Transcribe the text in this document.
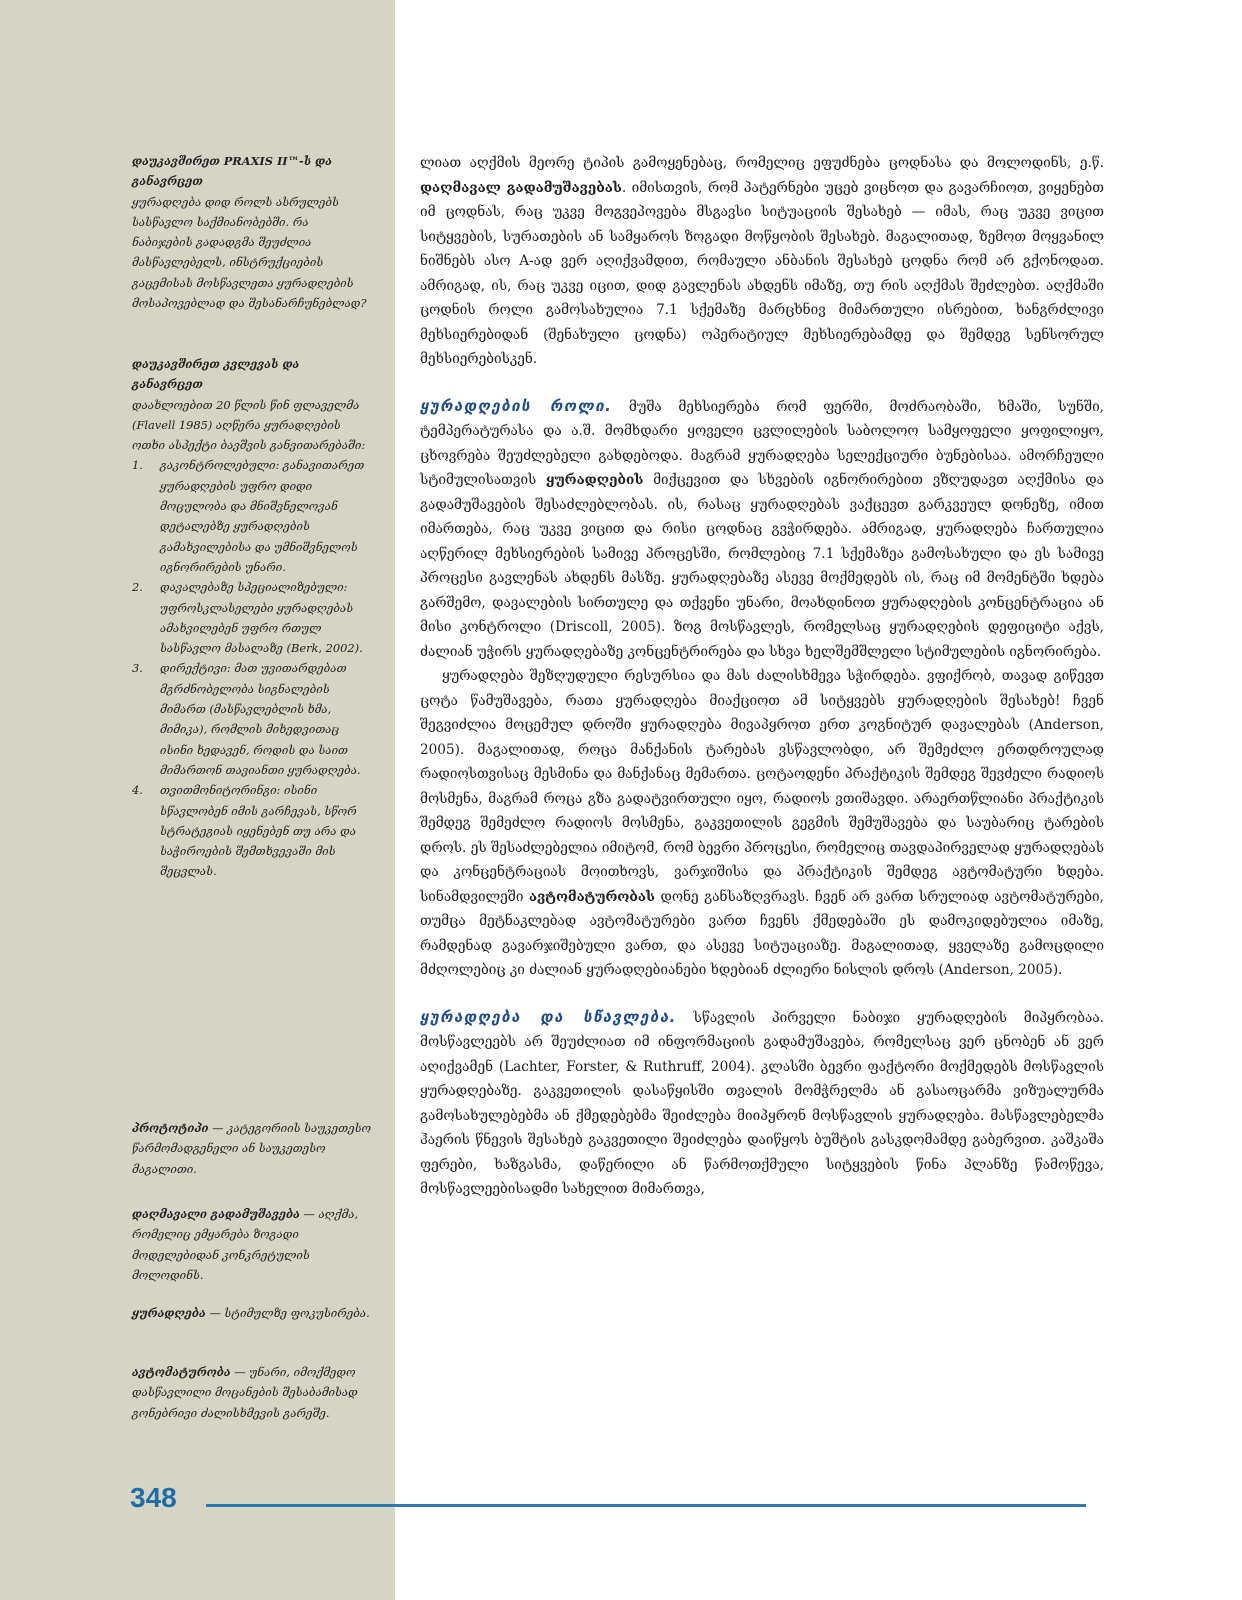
დაუკავშირეთ PRAXIS II™-ს და განავრცეთ
ყურადღება დიდ როლს ასრულებს სასწავლო საქმიანობებში. რა ნაბიჯების გადადგმა შეუძლია მასწავლებელს, ინსტრუქციების გაცემისას მოსწავლეთა ყურადღების მოსაპოვებლად და შესანარჩუნებლად?
დაუკავშირეთ კვლევას და განავრცეთ
დაახლოებით 20 წლის წინ ფლაველმა (Flavell 1985) აღწერა ყურადღების ოთხი ასპექტი ბავშვის განვითარებაში:
1.	გაკონტროლებული: განავითარეთ ყურადღების უფრო დიდი მოცულობა და მნიშვნელოვან დეტალებზე ყურადღების გამახვილებისა და უმნიშვნელოს იგნორირების უნარი.
2.	დავალებაზე სპეციალიზებული: უფროსკლასელები ყურადღებას ამახვილებენ უფრო რთულ სასწავლო მასალაზე (Berk, 2002).
3.	დირექტივი: მათ უვითარდებათ მგრძნობელობა სიგნალების მიმართ (მასწავლებლის ხმა, მიმიკა), რომლის მიხედვითაც ისინი ხედავენ, როდის და საით მიმართონ თავიანთი ყურადღება.
4.	თვითმონიტორინგი: ისინი სწავლობენ იმის გარჩევას, სწორ სტრატეგიას იყენებენ თუ არა და საჭიროების შემთხვევაში მის შეცვლას.
პროტოტიპი — კატეგორიის საუკეთესო წარმომადგენელი ან საუკეთესო მაგალითი.
დაღმავალი გადამუშავება — აღქმა, რომელიც ემყარება ზოგადი მოდელებიდან კონკრეტულის მოლოდინს.
ყურადღება — სტიმულზე ფოკუსირება.
ავტომატურობა — უნარი, იმოქმედო დასწავლილი მოცანების შესაბამისად გონებრივი ძალისხმევის გარეშე.

ლიათ აღქმის მეორე ტიპის გამოყენებაც, რომელიც ეფუძნება ცოდნასა და მოლოდინს, ე.წ. დაღმავალ გადამუშავებას. იმისთვის, რომ პატერნები უცებ ვიცნოთ და გავარჩიოთ, ვიყენებთ იმ ცოდნას, რაც უკვე მოგვეპოვება მსგავსი სიტუაციის შესახებ — იმას, რაც უკვე ვიცით სიტყვების, სურათების ან სამყაროს ზოგადი მოწყობის შესახებ. მაგალითად, ზემოთ მოყვანილ ნიშნებს ასო A-ად ვერ აღიქვამდით, რომაული ანბანის შესახებ ცოდნა რომ არ გქონოდათ. ამრიგად, ის, რაც უკვე იცით, დიდ გავლენას ახდენს იმაზე, თუ რის აღქმას შეძლებთ. აღქმაში ცოდნის როლი გამოსახულია 7.1 სქემაზე მარცხნივ მიმართული ისრებით, ხანგრძლივი მეხსიერებიდან (შენახული ცოდნა) ოპერატიულ მეხსიერებამდე და შემდეგ სენსორულ მეხსიერებისკენ.

ყურადღების როლი. მუშა მეხსიერება რომ ფერში, მოძრაობაში, ხმაში, სუნში, ტემპერატურასა და ა.შ. მომხდარი ყოველი ცვლილების საბოლოო სამყოფელი ყოფილიყო, ცხოვრება შეუძლებელი გახდებოდა. მაგრამ ყურადღება სელექციური ბუნებისაა. ამორჩეული სტიმულისათვის ყურადღების მიქცევით და სხვების იგნორირებით ვზღუდავთ აღქმისა და გადამუშავების შესაძლებლობას. ის, რასაც ყურადღებას ვაქცევთ გარკვეულ დონეზე, იმით იმართება, რაც უკვე ვიცით და რისი ცოდნაც გვჭირდება. ამრიგად, ყურადღება ჩართულია აღწერილ მეხსიერების სამივე პროცესში, რომლებიც 7.1 სქემაზეა გამოსახული და ეს სამივე პროცესი გავლენას ახდენს მასზე. ყურადღებაზე ასევე მოქმედებს ის, რაც იმ მომენტში ხდება გარშემო, დავალების სირთულე და თქვენი უნარი, მოახდინოთ ყურადღების კონცენტრაცია ან მისი კონტროლი (Driscoll, 2005). ზოგ მოსწავლეს, რომელსაც ყურადღების დეფიციტი აქვს, ძალიან უჭირს ყურადღებაზე კონცენტრირება და სხვა ხელშემშლელი სტიმულების იგნორირება.

ყურადღება შეზღუდული რესურსია და მას ძალისხმევა სჭირდება. ვფიქრობ, თავად გიწევთ ცოტა წამუშავება, რათა ყურადღება მიაქციოთ ამ სიტყვებს ყურადღების შესახებ! ჩვენ შეგვიძლია მოცემულ დროში ყურადღება მივაპყროთ ერთ კოგნიტურ დავალებას (Anderson, 2005). მაგალითად, როცა მანქანის ტარებას ვსწავლობდი, არ შემეძლო ერთდროულად რადიოსთვისაც მესმინა და მანქანაც მემართა. ცოტაოდენი პრაქტიკის შემდეგ შევძელი რადიოს მოსმენა, მაგრამ როცა გზა გადატვირთული იყო, რადიოს ვთიშავდი. არაერთწლიანი პრაქტიკის შემდეგ შემეძლო რადიოს მოსმენა, გაკვეთილის გეგმის შემუშავება და საუბარიც ტარების დროს. ეს შესაძლებელია იმიტომ, რომ ბევრი პროცესი, რომელიც თავდაპირველად ყურადღებას და კონცენტრაციას მოითხოვს, ვარჯიშისა და პრაქტიკის შემდეგ ავტომატური ხდება. სინამდვილეში ავტომატურობას დონე განსაზღვრავს. ჩვენ არ ვართ სრულიად ავტომატურები, თუმცა მეტნაკლებად ავტომატურები ვართ ჩვენს ქმედებაში ეს დამოკიდებულია იმაზე, რამდენად გავარჯიშებული ვართ, და ასევე სიტუაციაზე. მაგალითად, ყველაზე გამოცდილი მძღოლებიც კი ძალიან ყურადღებიანები ხდებიან ძლიერი ნისლის დროს (Anderson, 2005).

ყურადღება და სწავლება. სწავლის პირველი ნაბიჯი ყურადღების მიპყრობაა. მოსწავლეებს არ შეუძლიათ იმ ინფორმაციის გადამუშავება, რომელსაც ვერ ცნობენ ან ვერ აღიქვამენ (Lachter, Forster, & Ruthruff, 2004). კლასში ბევრი ფაქტორი მოქმედებს მოსწავლის ყურადღებაზე. გაკვეთილის დასაწყისში თვალის მომჭრელმა ან გასაოცარმა ვიზუალურმა გამოსახულებებმა ან ქმედებებმა შეიძლება მიიპყრონ მოსწავლის ყურადღება. მასწავლებელმა ჰაერის წნევის შესახებ გაკვეთილი შეიძლება დაიწყოს ბუშტის გასკდომამდე გაბერვით. კაშკაშა ფერები, ხაზგასმა, დაწერილი ან წარმოთქმული სიტყვების წინა პლანზე წამოწევა, მოსწავლეებისადმი სახელით მიმართვა,

348
